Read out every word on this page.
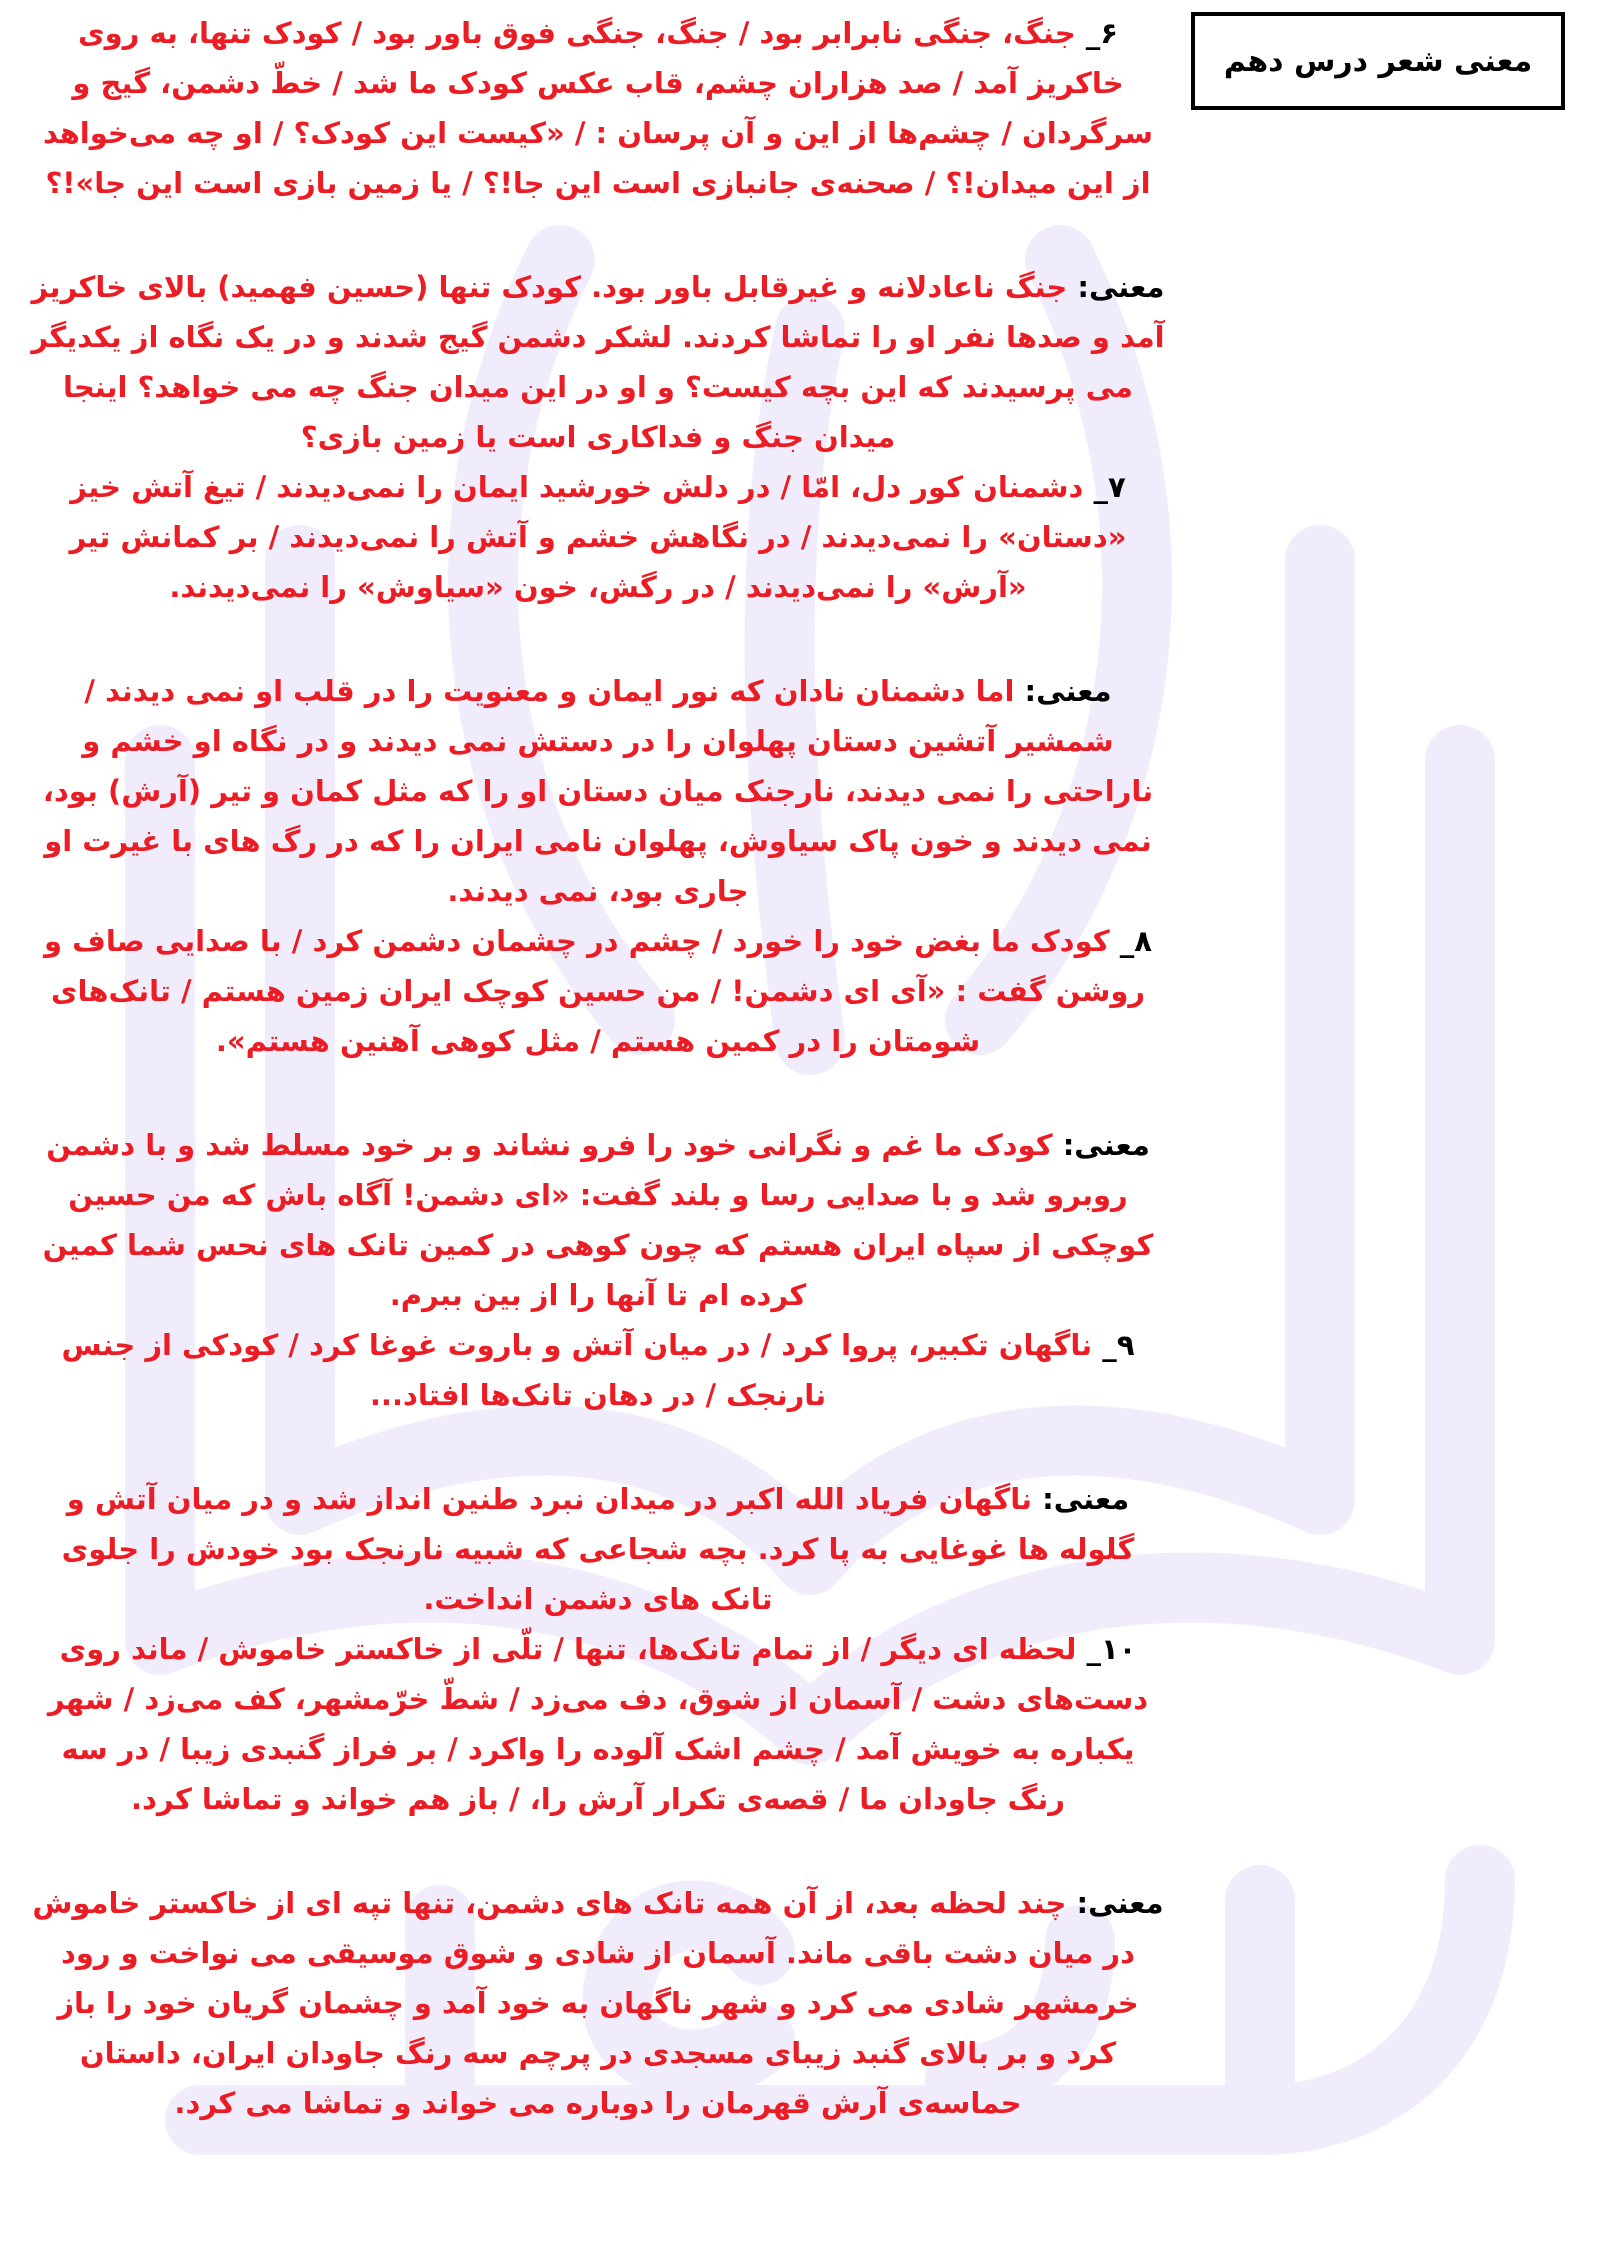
معنی شعر درس دهم

۶_ جنگ، جنگی نابرابر بود / جنگ، جنگی فوق باور بود / کودک تنها، به روی خاکریز آمد / صد هزاران چشم، قاب عکس کودک ما شد / خطّ دشمن، گیج و سرگردان / چشم‌ها از این و آن پرسان : / «کیست این کودک؟ / او چه می‌خواهد از این میدان!؟ / صحنه‌ی جانبازی است این جا!؟ / یا زمین بازی است این جا»!؟

معنی: جنگ ناعادلانه و غیرقابل باور بود. کودک تنها (حسین فهمید) بالای خاکریز آمد و صدها نفر او را تماشا کردند. لشکر دشمن گیج شدند و در یک نگاه از یکدیگر می پرسیدند که این بچه کیست؟ و او در این میدان جنگ چه می خواهد؟ اینجا میدان جنگ و فداکاری است یا زمین بازی؟

۷_ دشمنان کور دل، امّا / در دلش خورشید ایمان را نمی‌دیدند / تیغ آتش خیز «دستان» را نمی‌دیدند / در نگاهش خشم و آتش را نمی‌دیدند / بر کمانش تیر «آرش» را نمی‌دیدند / در رگش، خون «سیاوش» را نمی‌دیدند.

معنی: اما دشمنان نادان که نور ایمان و معنویت را در قلب او نمی دیدند / شمشیر آتشین دستان پهلوان را در دستش نمی دیدند و در نگاه او خشم و ناراحتی را نمی دیدند، نارجنک میان دستان او را که مثل کمان و تیر (آرش) بود، نمی دیدند و خون پاک سیاوش، پهلوان نامی ایران را که در رگ های با غیرت او جاری بود، نمی دیدند.

۸_ کودک ما بغض خود را خورد / چشم در چشمان دشمن کرد / با صدایی صاف و روشن گفت : «آی ای دشمن! / من حسین کوچک ایران زمین هستم / تانک‌های شومتان را در کمین هستم / مثل کوهی آهنین هستم».

معنی: کودک ما غم و نگرانی خود را فرو نشاند و بر خود مسلط شد و با دشمن روبرو شد و با صدایی رسا و بلند گفت: «ای دشمن! آگاه باش که من حسین کوچکی از سپاه ایران هستم که چون کوهی در کمین تانک های نحس شما کمین کرده ام تا آنها را از بین ببرم.

۹_ ناگهان تکبیر، پروا کرد / در میان آتش و باروت غوغا کرد / کودکی از جنس نارنجک / در دهان تانک‌ها افتاد...

معنی: ناگهان فریاد الله اکبر در میدان نبرد طنین انداز شد و در میان آتش و گلوله ها غوغایی به پا کرد. بچه شجاعی که شبیه نارنجک بود خودش را جلوی تانک های دشمن انداخت.

۱۰_ لحظه ای دیگر / از تمام تانک‌ها، تنها / تلّی از خاکستر خاموش / ماند روی دست‌های دشت / آسمان از شوق، دف می‌زد / شطّ خرّمشهر، کف می‌زد / شهر یکباره به خویش آمد / چشم اشک آلوده را واکرد / بر فراز گنبدی زیبا / در سه رنگ جاودان ما / قصه‌ی تکرار آرش را، / باز هم خواند و تماشا کرد.

معنی: چند لحظه بعد، از آن همه تانک های دشمن، تنها تپه ای از خاکستر خاموش در میان دشت باقی ماند. آسمان از شادی و شوق موسیقی می نواخت و رود خرمشهر شادی می کرد و شهر ناگهان به خود آمد و چشمان گریان خود را باز کرد و بر بالای گنبد زیبای مسجدی در پرچم سه رنگ جاودان ایران، داستان حماسه‌ی آرش قهرمان را دوباره می خواند و تماشا می کرد.
